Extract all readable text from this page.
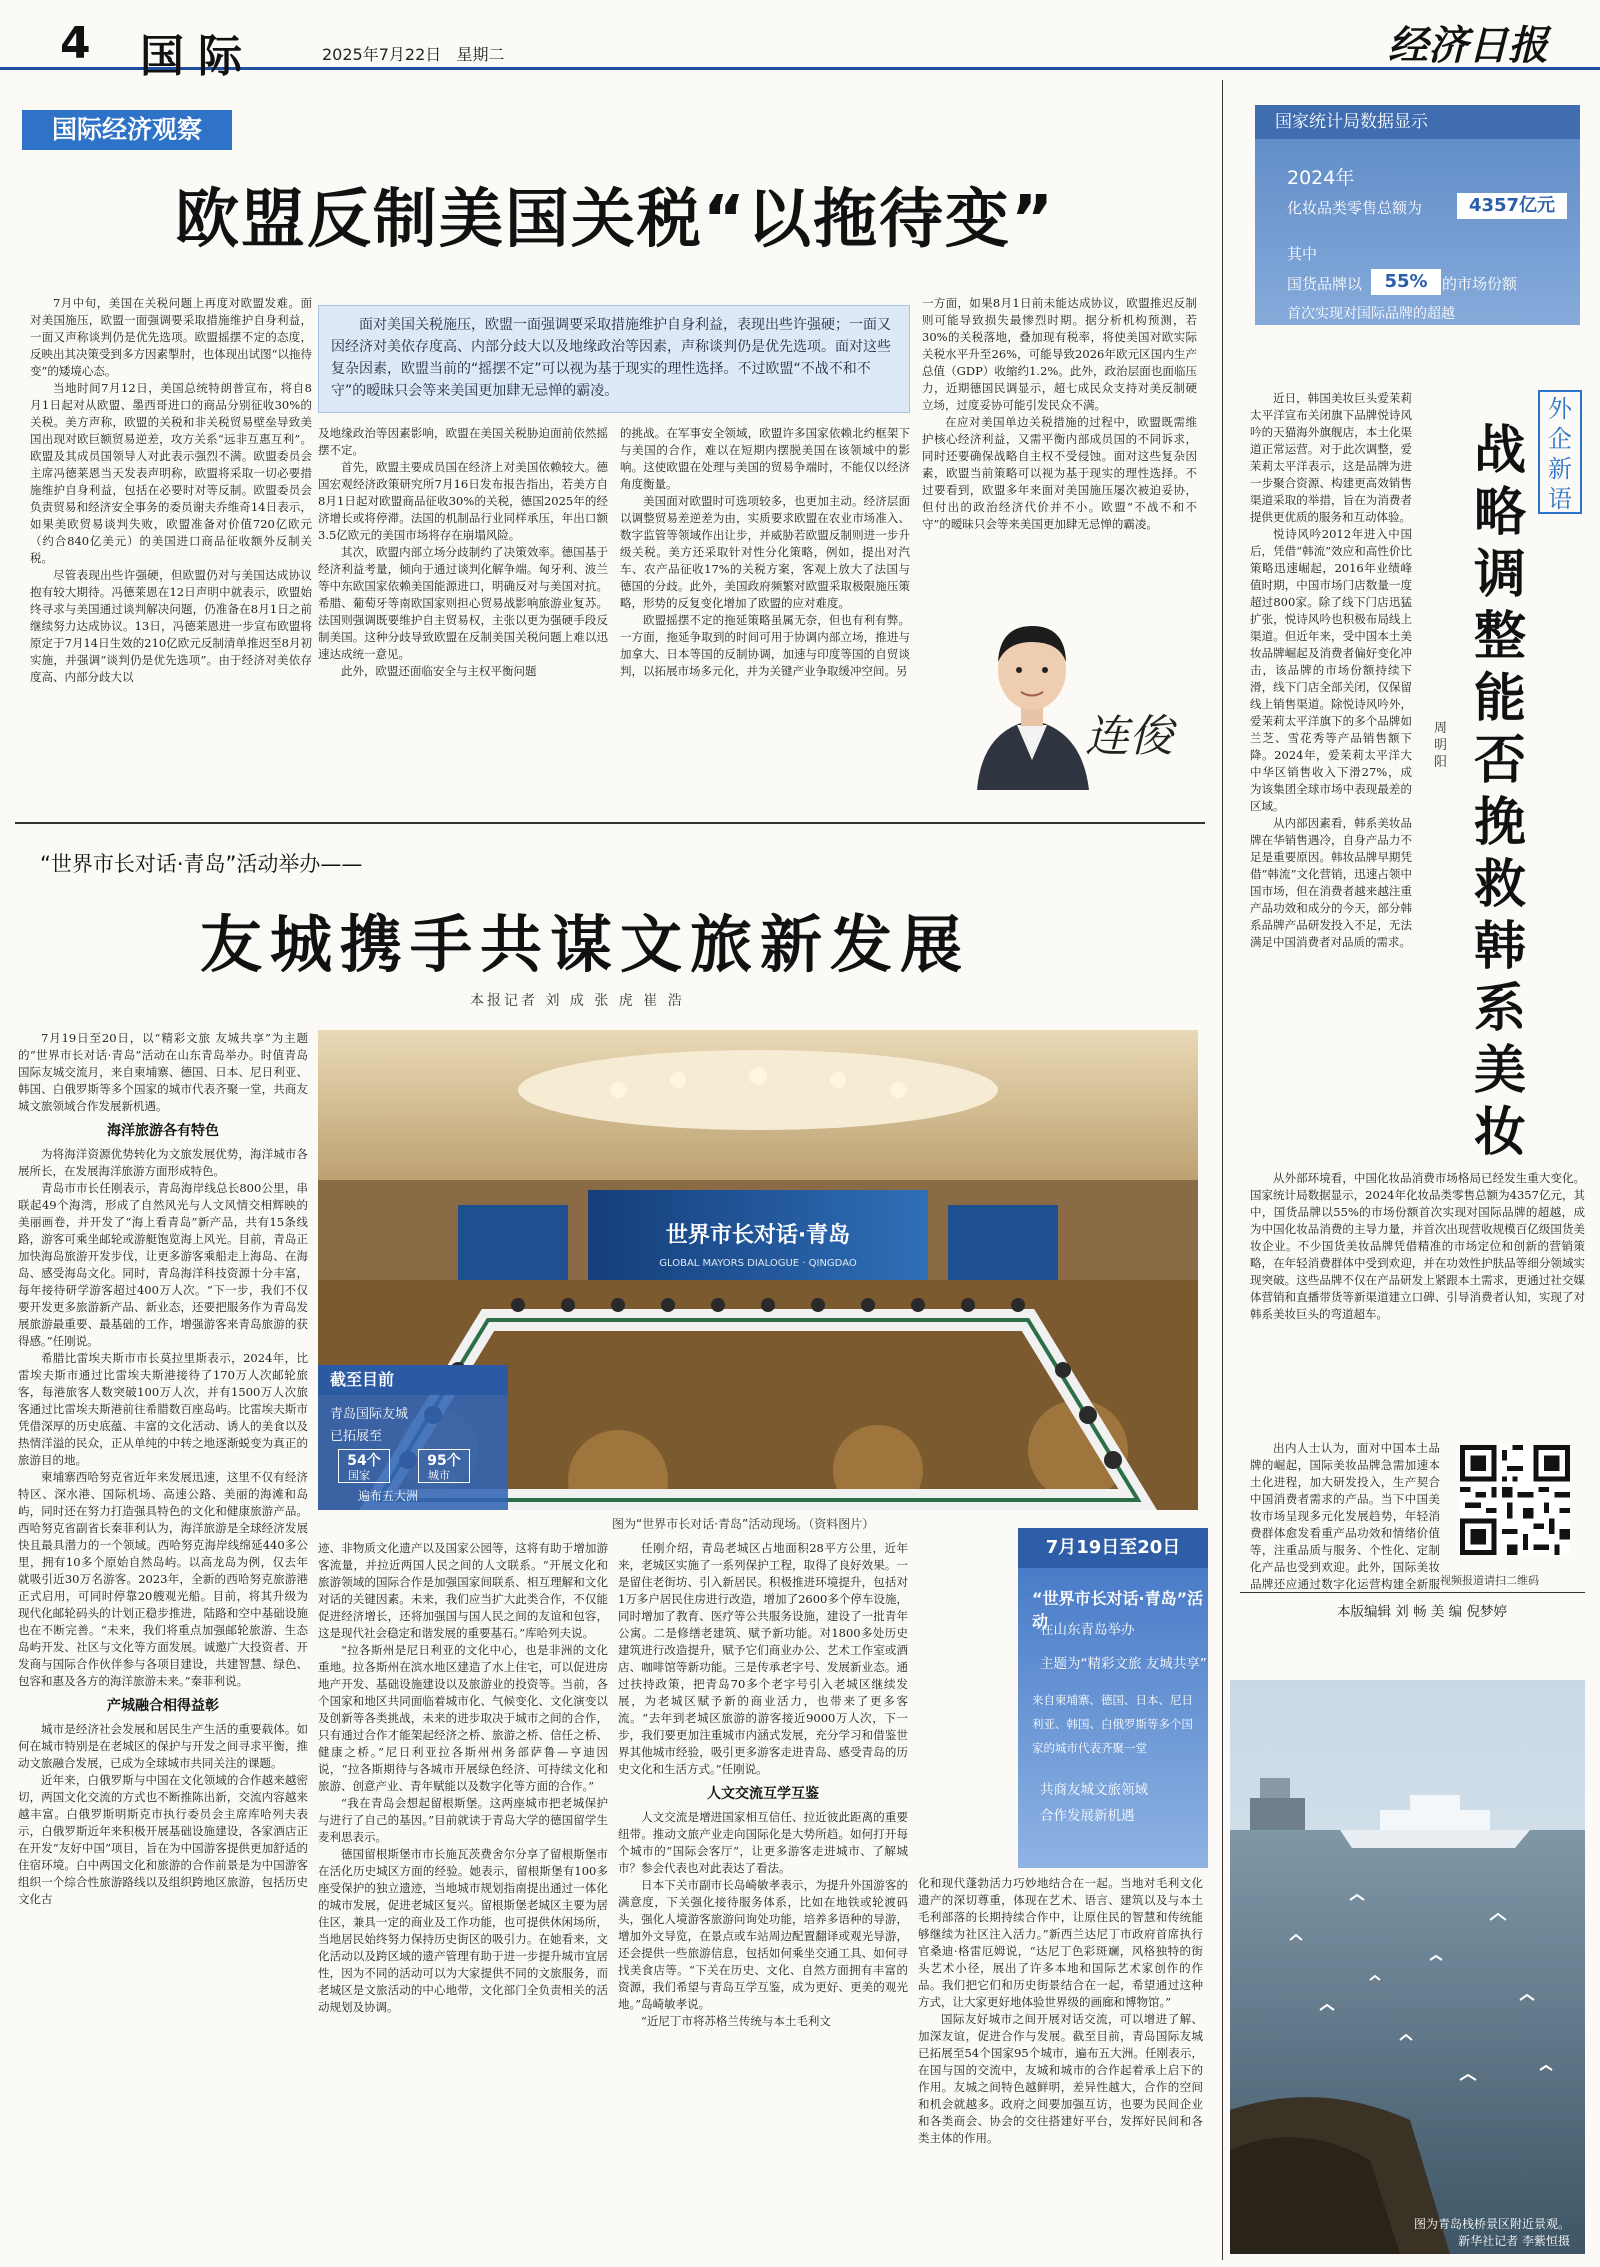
4 国际	2025年7月22日 星期二	经济日报
国际经济观察
欧盟反制美国关税“以拖待变”

7月中旬，美国在关税问题上再度对欧盟发难。面对美国施压，欧盟一面强调要采取措施维护自身利益，一面又声称谈判仍是优先选项。欧盟摇摆不定的态度，反映出其决策受到多方因素掣肘，也体现出试图“以拖待变”的矮境心态。

当地时间7月12日，美国总统特朗普宣布，将自8月1日起对从欧盟、墨西哥进口的商品分别征收30%的关税。美方声称，欧盟的关税和非关税贸易壁垒导致美国出现对欧巨额贸易逆差，攻方关系“远非互惠互利”。欧盟及其成员国领导人对此表示强烈不满。欧盟委员会主席冯德莱恩当天发表声明称，欧盟将采取一切必要措施维护自身利益，包括在必要时对等反制。欧盟委员会负责贸易和经济安全事务的委员谢夫乔维奇14日表示，如果美欧贸易谈判失败，欧盟准备对价值720亿欧元（约合840亿美元）的美国进口商品征收额外反制关税。

尽管表现出些许强硬，但欧盟仍对与美国达成协议抱有较大期待。冯德莱恩在12日声明中就表示，欧盟始终寻求与美国通过谈判解决问题，仍准备在8月1日之前继续努力达成协议。13日，冯德莱恩进一步宣布欧盟将原定于7月14日生效的210亿欧元反制清单推迟至8月初实施，并强调“谈判仍是优先选项”。由于经济对美依存度高、内部分歧大以

面对美国关税施压，欧盟一面强调要采取措施维护自身利益，表现出些许强硬；一面又因经济对美依存度高、内部分歧大以及地缘政治等因素，声称谈判仍是优先选项。面对这些复杂因素，欧盟当前的“摇摆不定”可以视为基于现实的理性选择。不过欧盟“不战不和不守”的暧昧只会等来美国更加肆无忌惮的霸凌。

及地缘政治等因素影响，欧盟在美国关税胁迫面前依然摇摆不定。

首先，欧盟主要成员国在经济上对美国依赖较大。德国宏观经济政策研究所7月16日发布报告指出，若美方自8月1日起对欧盟商品征收30%的关税，德国2025年的经济增长或将停滞。法国的机制品行业同样承压，年出口额3.5亿欧元的美国市场将存在崩塌风险。

其次，欧盟内部立场分歧制约了决策效率。德国基于经济利益考量，倾向于通过谈判化解争端。匈牙利、波兰等中东欧国家依赖美国能源进口，明确反对与美国对抗。希腊、葡萄牙等南欧国家则担心贸易战影响旅游业复苏。法国则强调既要维护自主贸易权，主张以更为强硬手段反制美国。这种分歧导致欧盟在反制美国关税问题上难以迅速达成统一意见。

此外，欧盟还面临安全与主权平衡问题

的挑战。在军事安全领域，欧盟许多国家依赖北约框架下与美国的合作，难以在短期内摆脱美国在该领域中的影响。这使欧盟在处理与美国的贸易争端时，不能仅以经济角度衡量。

美国面对欧盟时可选项较多，也更加主动。经济层面以调整贸易差逆差为由，实质要求欧盟在农业市场准入、数字监管等领域作出让步，并威胁若欧盟反制则进一步升级关税。美方还采取针对性分化策略，例如，提出对汽车、农产品征收17%的关税方案，客观上放大了法国与德国的分歧。此外，美国政府频繁对欧盟采取极限施压策略，形势的反复变化增加了欧盟的应对难度。

欧盟摇摆不定的拖延策略虽属无奈，但也有利有弊。一方面，拖延争取到的时间可用于协调内部立场，推进与加拿大、日本等国的反制协调，加速与印度等国的自贸谈判，以拓展市场多元化，并为关键产业争取缓冲空间。另

一方面，如果8月1日前未能达成协议，欧盟推迟反制则可能导致损失最惨烈时期。据分析机构预测，若30%的关税落地，叠加现有税率，将使美国对欧实际关税水平升至26%，可能导致2026年欧元区国内生产总值（GDP）收缩约1.2%。此外，政治层面也面临压力，近期德国民调显示，超七成民众支持对美反制硬立场，过度妥协可能引发民众不满。

在应对美国单边关税措施的过程中，欧盟既需维护核心经济利益，又需平衡内部成员国的不同诉求，同时还要确保战略自主权不受侵蚀。面对这些复杂因素，欧盟当前策略可以视为基于现实的理性选择。不过要看到，欧盟多年来面对美国施压屡次被迫妥协，但付出的政治经济代价并不小。欧盟“不战不和不守”的暧昧只会等来美国更加肆无忌惮的霸凌。

连俊
国家统计局数据显示
2024年
化妆品类零售总额为	4357亿元
其中
国货品牌以	的市场份额
55%
首次实现对国际品牌的超越
外企新语
战略调整能否挽救韩系美妆
周明阳

近日，韩国美妆巨头爱茉莉太平洋宣布关闭旗下品牌悦诗风吟的天猫海外旗舰店，本土化渠道正常运营。对于此次调整，爱茉莉太平洋表示，这是品牌为进一步聚合资源、构建更高效销售渠道采取的举措，旨在为消费者提供更优质的服务和互动体验。

悦诗风吟2012年进入中国后，凭借“韩流”效应和高性价比策略迅速崛起，2016年业绩峰值时期，中国市场门店数量一度超过800家。除了线下门店迅猛扩张，悦诗风吟也积极布局线上渠道。但近年来，受中国本土美妆品牌崛起及消费者偏好变化冲击，该品牌的市场份额持续下滑，线下门店全部关闭，仅保留线上销售渠道。除悦诗风吟外，爱茉莉太平洋旗下的多个品牌如兰芝、雪花秀等产品销售额下降。2024年，爱茉莉太平洋大中华区销售收入下滑27%，成为该集团全球市场中表现最差的区域。

从内部因素看，韩系美妆品牌在华销售遇冷，自身产品力不足是重要原因。韩妆品牌早期凭借“韩流”文化营销，迅速占领中国市场，但在消费者越来越注重产品功效和成分的今天，部分韩系品牌产品研发投入不足，无法满足中国消费者对品质的需求。

从外部环境看，中国化妆品消费市场格局已经发生重大变化。国家统计局数据显示，2024年化妆品类零售总额为4357亿元，其中，国货品牌以55%的市场份额首次实现对国际品牌的超越，成为中国化妆品消费的主导力量，并首次出现营收规模百亿级国货美妆企业。不少国货美妆品牌凭借精准的市场定位和创新的营销策略，在年轻消费群体中受到欢迎，并在功效性护肤品等细分领域实现突破。这些品牌不仅在产品研发上紧跟本土需求，更通过社交媒体营销和直播带货等新渠道建立口碑、引导消费者认知，实现了对韩系美妆巨头的弯道超车。

出内人士认为，面对中国本土品牌的崛起，国际美妆品牌急需加速本土化进程，加大研发投入，生产契合中国消费者需求的产品。当下中国美妆市场呈现多元化发展趋势，年轻消费群体愈发看重产品功效和情绪价值等，注重品质与服务、个性化、定制化产品也受到欢迎。此外，国际美妆品牌还应通过数字化运营构建全新服 视频报道请扫二维码
本版编辑 刘 畅 美 编 倪梦婷
图为青岛栈桥景区附近景观。
新华社记者 李紫恒摄
“世界市长对话·青岛”活动举办——
友城携手共谋文旅新发展
本报记者 刘 成 张 虎 崔 浩

7月19日至20日，以“精彩文旅 友城共享”为主题的“世界市长对话·青岛”活动在山东青岛举办。时值青岛国际友城交流月，来自柬埔寨、德国、日本、尼日利亚、韩国、白俄罗斯等多个国家的城市代表齐聚一堂，共商友城文旅领域合作发展新机遇。

海洋旅游各有特色

为将海洋资源优势转化为文旅发展优势，海洋城市各展所长，在发展海洋旅游方面形成特色。

青岛市市长任刚表示，青岛海岸线总长800公里，串联起49个海湾，形成了自然风光与人文风情交相辉映的美丽画卷，并开发了“海上看青岛”新产品，共有15条线路，游客可乘坐邮轮或游艇饱览海上风光。目前，青岛正加快海岛旅游开发步伐，让更多游客乘船走上海岛、在海岛、感受海岛文化。同时，青岛海洋科技资源十分丰富，每年接待研学游客超过400万人次。“下一步，我们不仅要开发更多旅游新产品、新业态，还要把服务作为青岛发展旅游最重要、最基础的工作，增强游客来青岛旅游的获得感。”任刚说。

希腊比雷埃夫斯市市长莫拉里斯表示，2024年，比雷埃夫斯市通过比雷埃夫斯港接待了170万人次邮轮旅客，每港旅客人数突破100万人次，并有1500万人次旅客通过比雷埃夫斯港前往希腊数百座岛屿。比雷埃夫斯市凭借深厚的历史底蕴、丰富的文化活动、诱人的美食以及热情洋溢的民众，正从单纯的中转之地逐渐蜕变为真正的旅游目的地。

柬埔寨西哈努克省近年来发展迅速，这里不仅有经济特区、深水港、国际机场、高速公路、美丽的海滩和岛屿，同时还在努力打造强具特色的文化和健康旅游产品。西哈努克省副省长秦菲利认为，海洋旅游是全球经济发展快且最具潜力的一个领域。西哈努克海岸线绵延440多公里，拥有10多个原始自然岛屿。以高龙岛为例，仅去年就吸引近30万名游客。2023年，全新的西哈努克旅游港正式启用，可同时停靠20艘观光船。目前，将其升级为现代化邮轮码头的计划正稳步推进，陆路和空中基础设施也在不断完善。“未来，我们将重点加强邮轮旅游、生态岛屿开发、社区与文化等方面发展。诚邀广大投资者、开发商与国际合作伙伴参与各项目建设，共建智慧、绿色、包容和惠及各方的海洋旅游未来。”秦菲利说。

产城融合相得益彰

城市是经济社会发展和居民生产生活的重要载体。如何在城市特别是在老城区的保护与开发之间寻求平衡，推动文旅融合发展，已成为全球城市共同关注的课题。

近年来，白俄罗斯与中国在文化领域的合作越来越密切，两国文化交流的方式也不断推陈出新，交流内容越来越丰富。白俄罗斯明斯克市执行委员会主席库哈列夫表示，白俄罗斯近年来积极开展基础设施建设，各家酒店正在开发“友好中国”项目，旨在为中国游客提供更加舒适的住宿环境。白中两国文化和旅游的合作前景是为中国游客组织一个综合性旅游路线以及组织跨地区旅游，包括历史文化古

世界市长对话·青岛
GLOBAL MAYORS DIALOGUE · QINGDAO
截至目前
青岛国际友城
已拓展至
54个	95个
国家	城市
遍布五大洲
图为“世界市长对话·青岛”活动现场。（资料图片）

迹、非物质文化遗产以及国家公园等，这将有助于增加游客流量，并拉近两国人民之间的人文联系。“开展文化和旅游领域的国际合作是加强国家间联系、相互理解和文化对话的关键因素。未来，我们应当扩大此类合作，不仅能促进经济增长，还将加强国与国人民之间的友谊和包容，这是现代社会稳定和谐发展的重要基石。”库哈列夫说。

“拉各斯州是尼日利亚的文化中心，也是非洲的文化重地。拉各斯州在滨水地区建造了水上住宅，可以促进房地产开发、基础设施建设以及旅游业的投资等。当前，各个国家和地区共同面临着城市化、气候变化、文化演变以及创新等各类挑战，未来的进步取决于城市之间的合作，只有通过合作才能架起经济之桥、旅游之桥、信任之桥、健康之桥。”尼日利亚拉各斯州州务部萨鲁—亨迪因说，“拉各斯期待与各城市开展绿色经济、可持续文化和旅游、创意产业、青年赋能以及数字化等方面的合作。”

“我在青岛会想起留根斯堡。这两座城市把老城保护与进行了自己的基因。”目前就读于青岛大学的德国留学生麦利思表示。

德国留根斯堡市市长施瓦茨费舍尔分享了留根斯堡市在活化历史城区方面的经验。她表示，留根斯堡有100多座受保护的独立遗迹，当地城市规划指南提出通过一体化的城市发展，促进老城区复兴。留根斯堡老城区主要为居住区，兼具一定的商业及工作功能，也可提供休闲场所，当地居民始终努力保持历史街区的吸引力。在她看来，文化活动以及跨区域的遗产管理有助于进一步提升城市宜居性，因为不同的活动可以为大家提供不同的文旅服务，而老城区是文旅活动的中心地带，文化部门全负责相关的活动规划及协调。

任刚介绍，青岛老城区占地面积28平方公里，近年来，老城区实施了一系列保护工程，取得了良好效果。一是留住老街坊、引入新居民。积极推进环境提升，包括对1万多户居民住房进行改造，增加了2600多个停车设施，同时增加了教育、医疗等公共服务设施，建设了一批青年公寓。二是修缮老建筑、赋予新功能。对1800多处历史建筑进行改造提升，赋予它们商业办公、艺术工作室或酒店、咖啡馆等新功能。三是传承老字号、发展新业态。通过扶持政策，把青岛70多个老字号引入老城区继续发展，为老城区赋予新的商业活力，也带来了更多客流。“去年到老城区旅游的游客接近9000万人次，下一步，我们要更加注重城市内涵式发展，充分学习和借鉴世界其他城市经验，吸引更多游客走进青岛、感受青岛的历史文化和生活方式。”任刚说。

人文交流互学互鉴

人文交流是增进国家相互信任、拉近彼此距离的重要纽带。推动文旅产业走向国际化是大势所趋。如何打开每个城市的“国际会客厅”，让更多游客走进城市、了解城市？参会代表也对此表达了看法。

日本下关市副市长岛崎敏孝表示，为提升外国游客的满意度，下关强化接待服务体系，比如在地铁或轮渡码头，强化人境游客旅游问询处功能，培养多语种的导游，增加外文导览，在景点或车站周边配置翻译或观光导游，还会提供一些旅游信息，包括如何乘坐交通工具、如何寻找美食店等。“下关在历史、文化、自然方面拥有丰富的资源，我们希望与青岛互学互鉴，成为更好、更美的观光地。”岛崎敏孝说。

“近尼丁市将苏格兰传统与本土毛利文

7月19日至20日
“世界市长对话·青岛”活动
在山东青岛举办
主题为“精彩文旅 友城共享”
来自柬埔寨、德国、日本、尼日
利亚、韩国、白俄罗斯等多个国
家的城市代表齐聚一堂
共商友城文旅领域
合作发展新机遇

化和现代蓬勃活力巧妙地结合在一起。当地对毛利文化遗产的深切尊重，体现在艺术、语言、建筑以及与本土毛利部落的长期持续合作中，让原住民的智慧和传统能够继续为社区注入活力。”新西兰达尼丁市政府首席执行官桑迪·格雷厄姆说，“达尼丁色彩斑斓，风格独特的街头艺术小径，展出了许多本地和国际艺术家创作的作品。我们把它们和历史街景结合在一起，希望通过这种方式，让大家更好地体验世界级的画廊和博物馆。”

国际友好城市之间开展对话交流，可以增进了解、加深友谊，促进合作与发展。截至目前，青岛国际友城已拓展至54个国家95个城市，遍布五大洲。任刚表示，在国与国的交流中，友城和城市的合作起着承上启下的作用。友城之间特色越鲜明，差异性越大，合作的空间和机会就越多。政府之间要加强互访，也要为民间企业和各类商会、协会的交往搭建好平台，发挥好民间和各类主体的作用。
